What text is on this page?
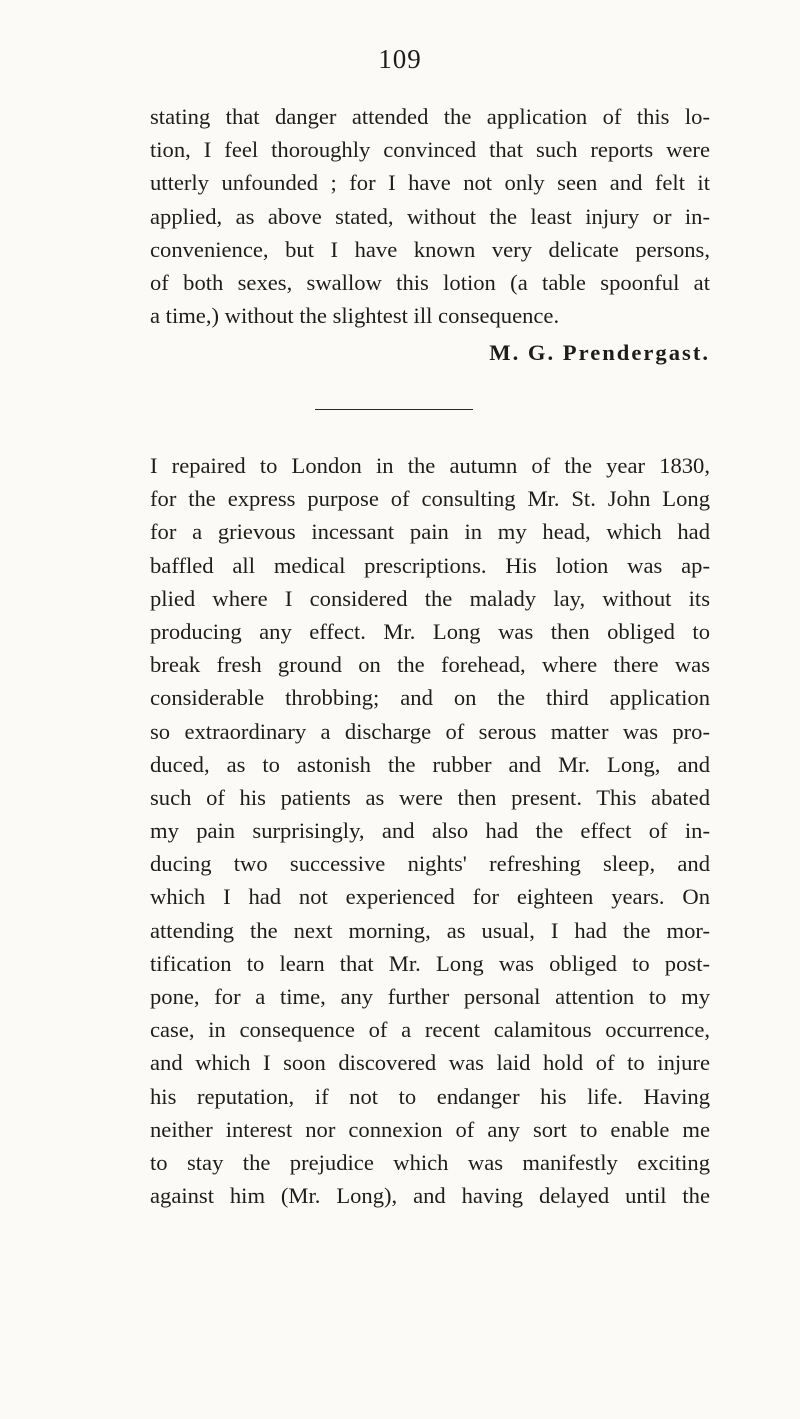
109
stating that danger attended the application of this lo-
tion, I feel thoroughly convinced that such reports were
utterly unfounded ; for I have not only seen and felt it
applied, as above stated, without the least injury or in-
convenience, but I have known very delicate persons,
of both sexes, swallow this lotion (a table spoonful at
a time,) without the slightest ill consequence.
M. G. Prendergast.
I repaired to London in the autumn of the year 1830,
for the express purpose of consulting Mr. St. John Long
for a grievous incessant pain in my head, which had
baffled all medical prescriptions. His lotion was ap-
plied where I considered the malady lay, without its
producing any effect. Mr. Long was then obliged to
break fresh ground on the forehead, where there was
considerable throbbing; and on the third application
so extraordinary a discharge of serous matter was pro-
duced, as to astonish the rubber and Mr. Long, and
such of his patients as were then present. This abated
my pain surprisingly, and also had the effect of in-
ducing two successive nights' refreshing sleep, and
which I had not experienced for eighteen years. On
attending the next morning, as usual, I had the mor-
tification to learn that Mr. Long was obliged to post-
pone, for a time, any further personal attention to my
case, in consequence of a recent calamitous occurrence,
and which I soon discovered was laid hold of to injure
his reputation, if not to endanger his life. Having
neither interest nor connexion of any sort to enable me
to stay the prejudice which was manifestly exciting
against him (Mr. Long), and having delayed until the
